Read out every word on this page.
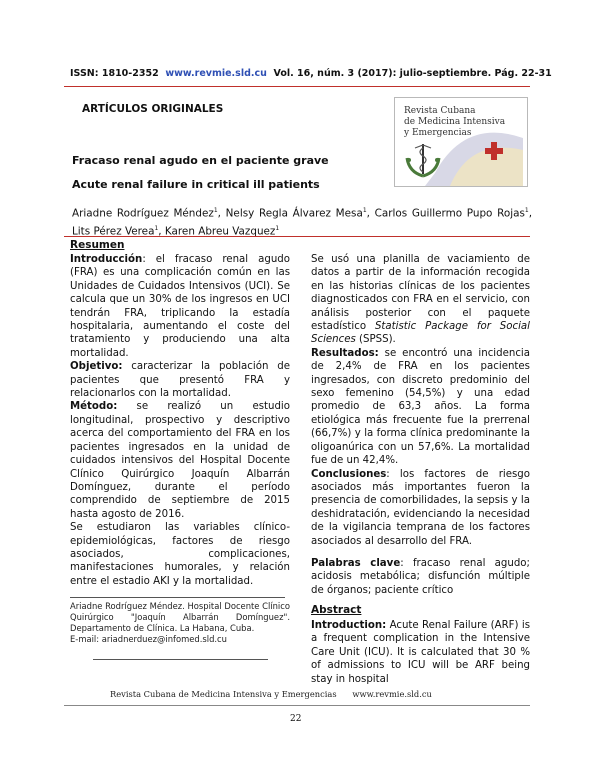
ISSN: 1810-2352 www.revmie.sld.cu Vol. 16, núm. 3 (2017): julio-septiembre. Pág. 22-31
ARTÍCULOS ORIGINALES	Revista Cubana
de Medicina Intensiva
y Emergencias
Fracaso renal agudo en el paciente grave
Acute renal failure in critical ill patients
Ariadne Rodríguez Méndez$^1$, Nelsy Regla Álvarez Mesa$^1$, Carlos Guillermo Pupo Rojas$^1$, Lits Pérez Verea$^1$, Karen Abreu Vazquez$^1$
Resumen

Introducción: el fracaso renal agudo (FRA) es una complicación común en las Unidades de Cuidados Intensivos (UCI). Se calcula que un 30% de los ingresos en UCI tendrán FRA, triplicando la estadía hospitalaria, aumentando el coste del tratamiento y produciendo una alta mortalidad.

Objetivo: caracterizar la población de pacientes que presentó FRA y relacionarlos con la mortalidad.

Método: se realizó un estudio longitudinal, prospectivo y descriptivo acerca del comportamiento del FRA en los pacientes ingresados en la unidad de cuidados intensivos del Hospital Docente Clínico Quirúrgico Joaquín Albarrán Domínguez, durante el período comprendido de septiembre de 2015 hasta agosto de 2016.

Se estudiaron las variables clínico-epidemiológicas, factores de riesgo asociados, complicaciones, manifestaciones humorales, y relación entre el estadio AKI y la mortalidad.

Se usó una planilla de vaciamiento de datos a partir de la información recogida en las historias clínicas de los pacientes diagnosticados con FRA en el servicio, con análisis posterior con el paquete estadístico Statistic Package for Social Sciences (SPSS).

Resultados: se encontró una incidencia de 2,4% de FRA en los pacientes ingresados, con discreto predominio del sexo femenino (54,5%) y una edad promedio de 63,3 años. La forma etiológica más frecuente fue la prerrenal (66,7%) y la forma clínica predominante la oligoanúrica con un 57,6%. La mortalidad fue de un 42,4%.

Conclusiones: los factores de riesgo asociados más importantes fueron la presencia de comorbilidades, la sepsis y la deshidratación, evidenciando la necesidad de la vigilancia temprana de los factores asociados al desarrollo del FRA.

Palabras clave: fracaso renal agudo; acidosis metabólica; disfunción múltiple de órganos; paciente crítico

Abstract

Introduction: Acute Renal Failure (ARF) is a frequent complication in the Intensive Care Unit (ICU). It is calculated that 30 % of admissions to ICU will be ARF being stay in hospital

Ariadne Rodríguez Méndez. Hospital Docente Clínico Quirúrgico "Joaquín Albarrán Domínguez". Departamento de Clínica. La Habana, Cuba.
E-mail: ariadnerduez@infomed.sld.cu
Revista Cubana de Medicina Intensiva y Emergencias www.revmie.sld.cu
22
